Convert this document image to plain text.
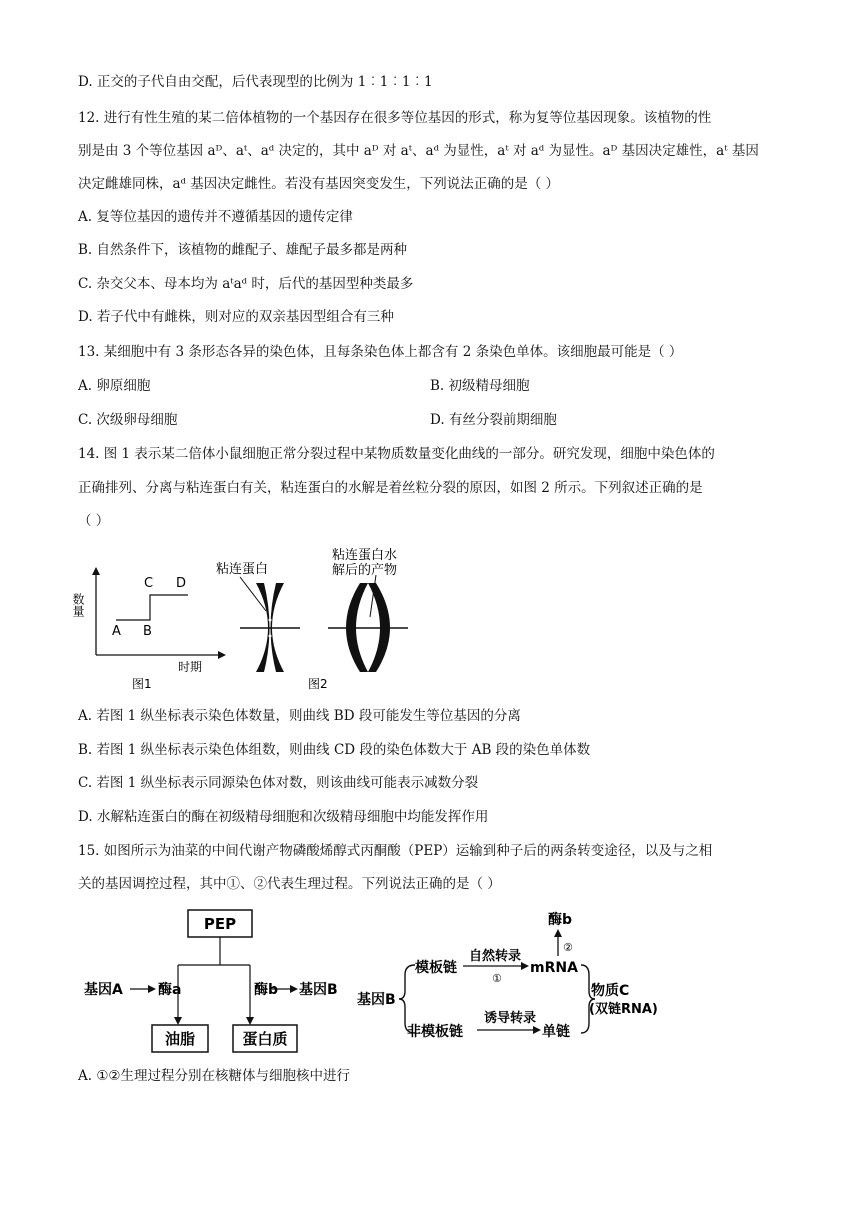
D. 正交的子代自由交配，后代表现型的比例为 1︰1︰1︰1
12. 进行有性生殖的某二倍体植物的一个基因存在很多等位基因的形式，称为复等位基因现象。该植物的性
别是由 3 个等位基因 aᴰ、aᵗ、aᵈ 决定的，其中 aᴰ 对 aᵗ、aᵈ 为显性，aᵗ 对 aᵈ 为显性。aᴰ 基因决定雄性，aᵗ 基因
决定雌雄同株，aᵈ 基因决定雌性。若没有基因突变发生，下列说法正确的是（ ）
A. 复等位基因的遗传并不遵循基因的遗传定律
B. 自然条件下，该植物的雌配子、雄配子最多都是两种
C. 杂交父本、母本均为 aᵗaᵈ 时，后代的基因型种类最多
D. 若子代中有雌株，则对应的双亲基因型组合有三种
13. 某细胞中有 3 条形态各异的染色体，且每条染色体上都含有 2 条染色单体。该细胞最可能是（ ）
A. 卵原细胞	B. 初级精母细胞
C. 次级卵母细胞	D. 有丝分裂前期细胞
14. 图 1 表示某二倍体小鼠细胞正常分裂过程中某物质数量变化曲线的一部分。研究发现，细胞中染色体的
正确排列、分离与粘连蛋白有关，粘连蛋白的水解是着丝粒分裂的原因，如图 2 所示。下列叙述正确的是
（ ）
数量
A B
C D
时期
图1
粘连蛋白
图2
粘连蛋白水
解后的产物
A. 若图 1 纵坐标表示染色体数量，则曲线 BD 段可能发生等位基因的分离
B. 若图 1 纵坐标表示染色体组数，则曲线 CD 段的染色体数大于 AB 段的染色单体数
C. 若图 1 纵坐标表示同源染色体对数，则该曲线可能表示减数分裂
D. 水解粘连蛋白的酶在初级精母细胞和次级精母细胞中均能发挥作用
15. 如图所示为油菜的中间代谢产物磷酸烯醇式丙酮酸（PEP）运输到种子后的两条转变途径，以及与之相
关的基因调控过程，其中①、②代表生理过程。下列说法正确的是（ ）
PEP
基因A	酶a	酶b 基因B
油脂	蛋白质
基因B
模板链
非模板链
自然转录
①
mRNA
②
酶b
诱导转录
单链
物质C
(双链RNA)
A. ①②生理过程分别在核糖体与细胞核中进行
